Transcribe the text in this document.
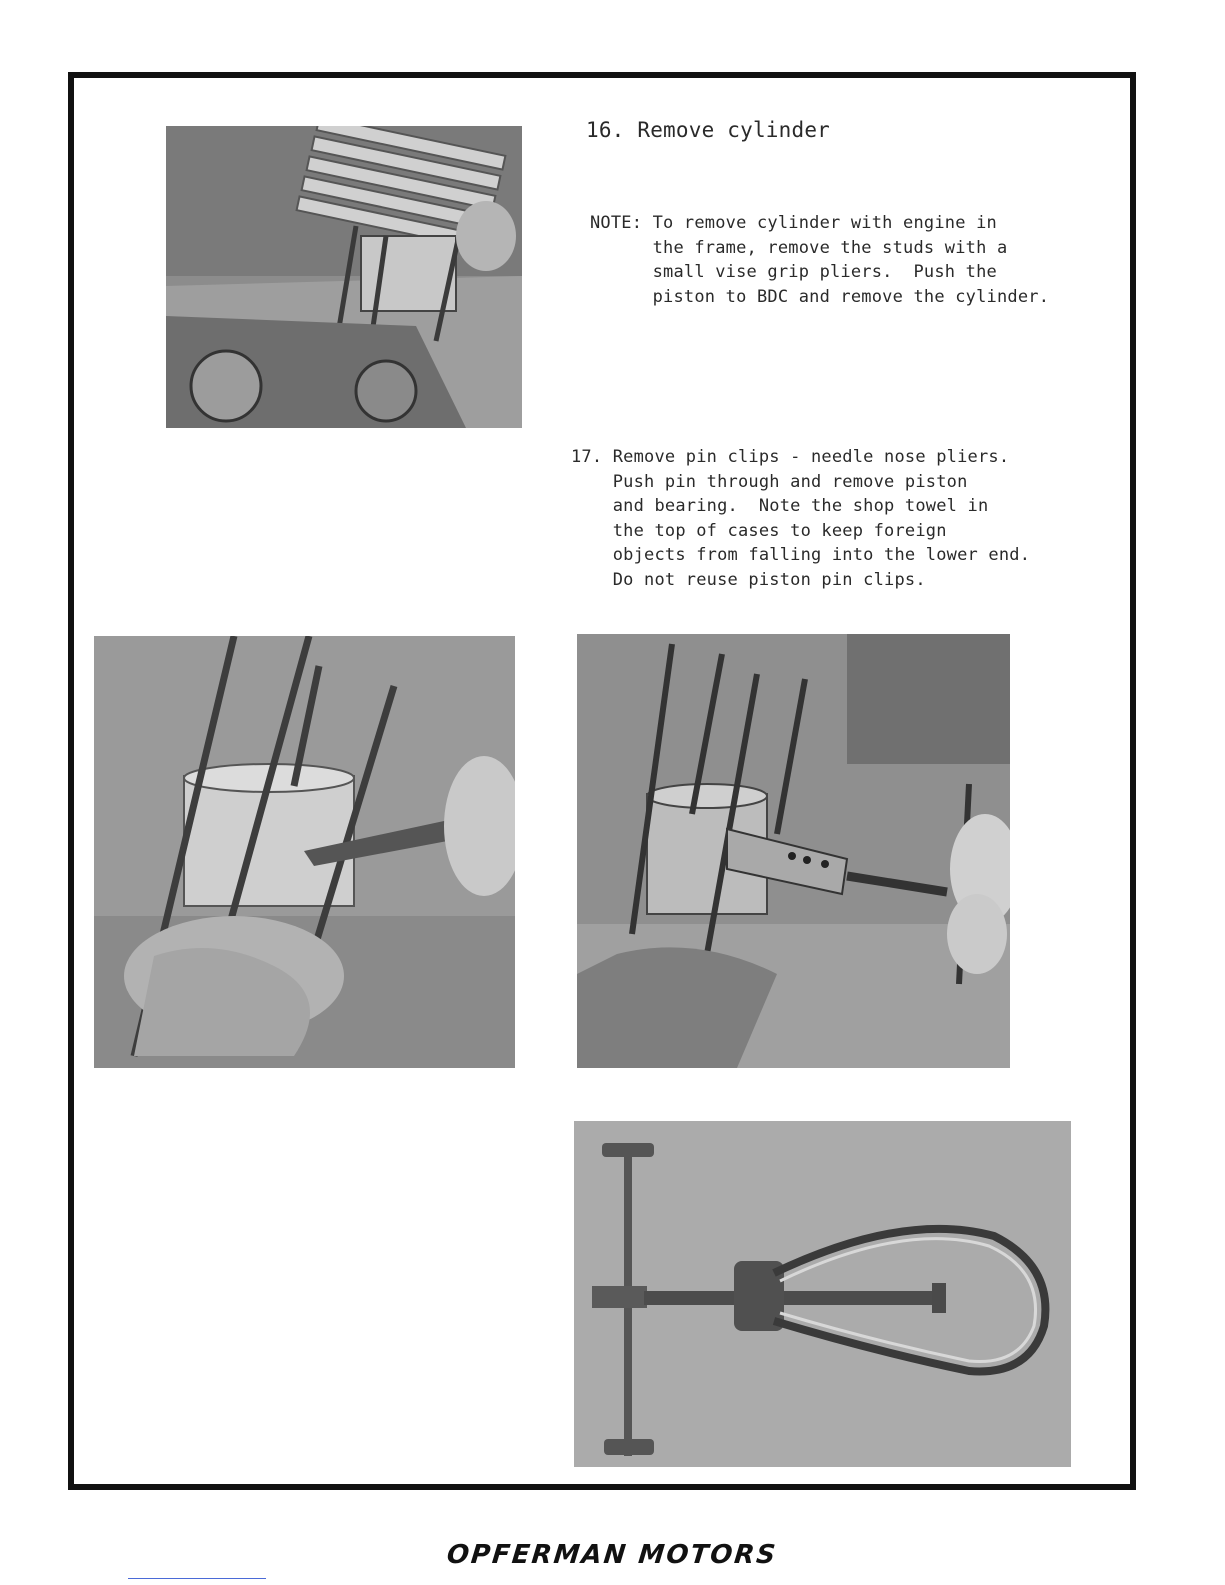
16. Remove cylinder
NOTE: To remove cylinder with engine in
the frame, remove the studs with a
small vise grip pliers.  Push the
piston to BDC and remove the cylinder.
17. Remove pin clips - needle nose pliers.
Push pin through and remove piston
and bearing.  Note the shop towel in
the top of cases to keep foreign
objects from falling into the lower end.
Do not reuse piston pin clips.
OPFERMAN MOTORS
